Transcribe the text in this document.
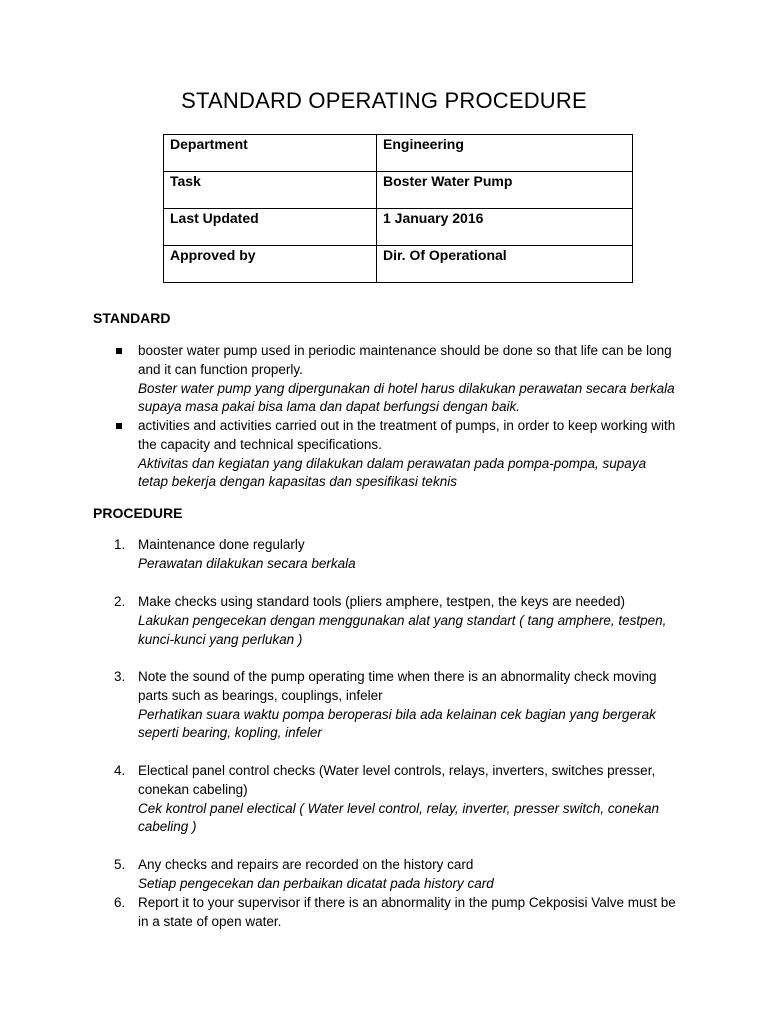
STANDARD OPERATING PROCEDURE
Department	Engineering
Task	Boster Water Pump
Last Updated	1 January 2016
Approved by	Dir. Of Operational
STANDARD
booster water pump used in periodic maintenance should be done so that life can be long and it can function properly.
Boster water pump yang dipergunakan di hotel harus dilakukan perawatan secara berkala supaya masa pakai bisa lama dan dapat berfungsi dengan baik.
activities and activities carried out in the treatment of pumps, in order to keep working with the capacity and technical specifications.
Aktivitas dan kegiatan yang dilakukan dalam perawatan pada pompa-pompa, supaya tetap bekerja dengan kapasitas dan spesifikasi teknis
PROCEDURE
1. Maintenance done regularly
Perawatan dilakukan secara berkala
2. Make checks using standard tools (pliers amphere, testpen, the keys are needed)
Lakukan pengecekan dengan menggunakan alat yang standart ( tang amphere, testpen, kunci-kunci yang perlukan )
3. Note the sound of the pump operating time when there is an abnormality check moving parts such as bearings, couplings, infeler
Perhatikan suara waktu pompa beroperasi bila ada kelainan cek bagian yang bergerak seperti bearing, kopling, infeler
4. Electical panel control checks (Water level controls, relays, inverters, switches presser, conekan cabeling)
Cek kontrol panel electical ( Water level control, relay, inverter, presser switch, conekan cabeling )
5. Any checks and repairs are recorded on the history card
Setiap pengecekan dan perbaikan dicatat pada history card
6. Report it to your supervisor if there is an abnormality in the pump Cekposisi Valve must be in a state of open water.
